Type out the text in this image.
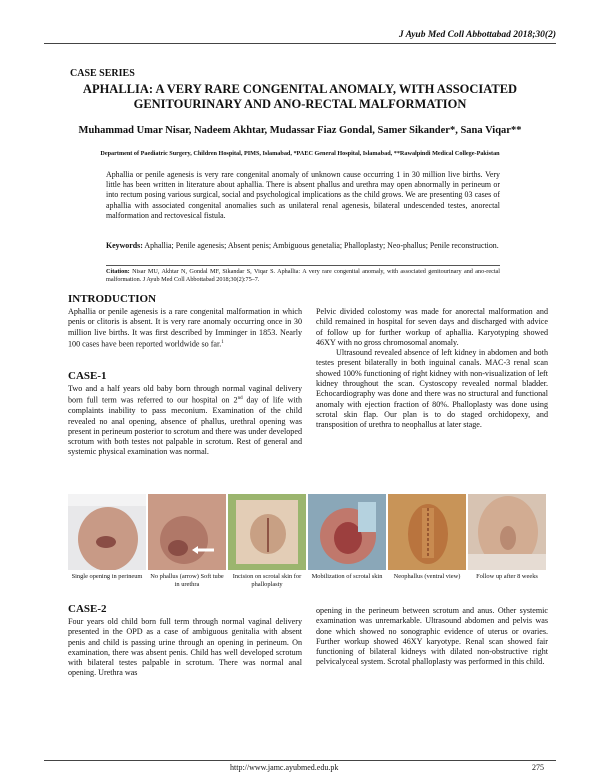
J Ayub Med Coll Abbottabad 2018;30(2)
CASE SERIES
APHALLIA: A VERY RARE CONGENITAL ANOMALY, WITH ASSOCIATED GENITOURINARY AND ANO-RECTAL MALFORMATION
Muhammad Umar Nisar, Nadeem Akhtar, Mudassar Fiaz Gondal, Samer Sikander*, Sana Viqar**
Department of Paediatric Surgery, Children Hospital, PIMS, Islamabad, *PAEC General Hospital, Islamabad, **Rawalpindi Medical College-Pakistan
Aphallia or penile agenesis is very rare congenital anomaly of unknown cause occurring 1 in 30 million live births. Very little has been written in literature about aphallia. There is absent phallus and urethra may open abnormally in perineum or into rectum posing various surgical, social and psychological implications as the child grows. We are presenting 03 cases of aphallia with associated congenital anomalies such as unilateral renal agenesis, bilateral undescended testes, anorectal malformation and rectovesical fistula.
Keywords: Aphallia; Penile agenesis; Absent penis; Ambiguous genetalia; Phalloplasty; Neo-phallus; Penile reconstruction.
Citation: Nisar MU, Akhtar N, Gondal MF, Sikandar S, Viqar S. Aphallia: A very rare congenital anomaly, with associated genitourinary and ano-rectal malformation. J Ayub Med Coll Abbottabad 2018;30(2):75–7.
INTRODUCTION
Aphallia or penile agenesis is a rare congenital malformation in which penis or clitoris is absent. It is very rare anomaly occurring once in 30 million live births. It was first described by Imminger in 1853. Nearly 100 cases have been reported worldwide so far.$^1$
CASE-1
Two and a half years old baby born through normal vaginal delivery born full term was referred to our hospital on 2nd day of life with complaints inability to pass meconium. Examination of the child revealed no anal opening, absence of phallus, urethral opening was present in perineum posterior to scrotum and there was under developed scrotum with both testes not palpable in scrotum. Rest of general and systemic physical examination was normal.
Pelvic divided colostomy was made for anorectal malformation and child remained in hospital for seven days and discharged with advice of follow up for further workup of aphallia. Karyotyping showed 46XY with no gross chromosomal anomaly.
Ultrasound revealed absence of left kidney in abdomen and both testes present bilaterally in both inguinal canals. MAC-3 renal scan showed 100% functioning of right kidney with non-visualization of left kidney throughout the scan. Cystoscopy revealed normal bladder. Echocardiography was done and there was no structural and functional anomaly with ejection fraction of 80%. Phalloplasty was done using scrotal skin flap. Our plan is to do staged orchidopexy, and transposition of urethra to neophallus at later stage.
Single opening in perineum	No phallus (arrow) Soft tube in urethra
Incision on scrotal skin for phalloplasty
Mobilization of scrotal skin	Neophallus (ventral view)	Follow up after 8 weeks
CASE-2
Four years old child born full term through normal vaginal delivery presented in the OPD as a case of ambiguous genitalia with absent penis and child is passing urine through an opening in perineum. On examination, there was absent penis. Child has well developed scrotum with bilateral testes palpable in scrotum. There was normal anal opening. Urethra was
opening in the perineum between scrotum and anus. Other systemic examination was unremarkable. Ultrasound abdomen and pelvis was done which showed no sonographic evidence of uterus or ovaries. Further workup showed 46XY karyotype. Renal scan showed fair functioning of bilateral kidneys with dilated non-obstructive right pelvicalyceal system. Scrotal phalloplasty was performed in this child.
http://www.jamc.ayubmed.edu.pk	275
